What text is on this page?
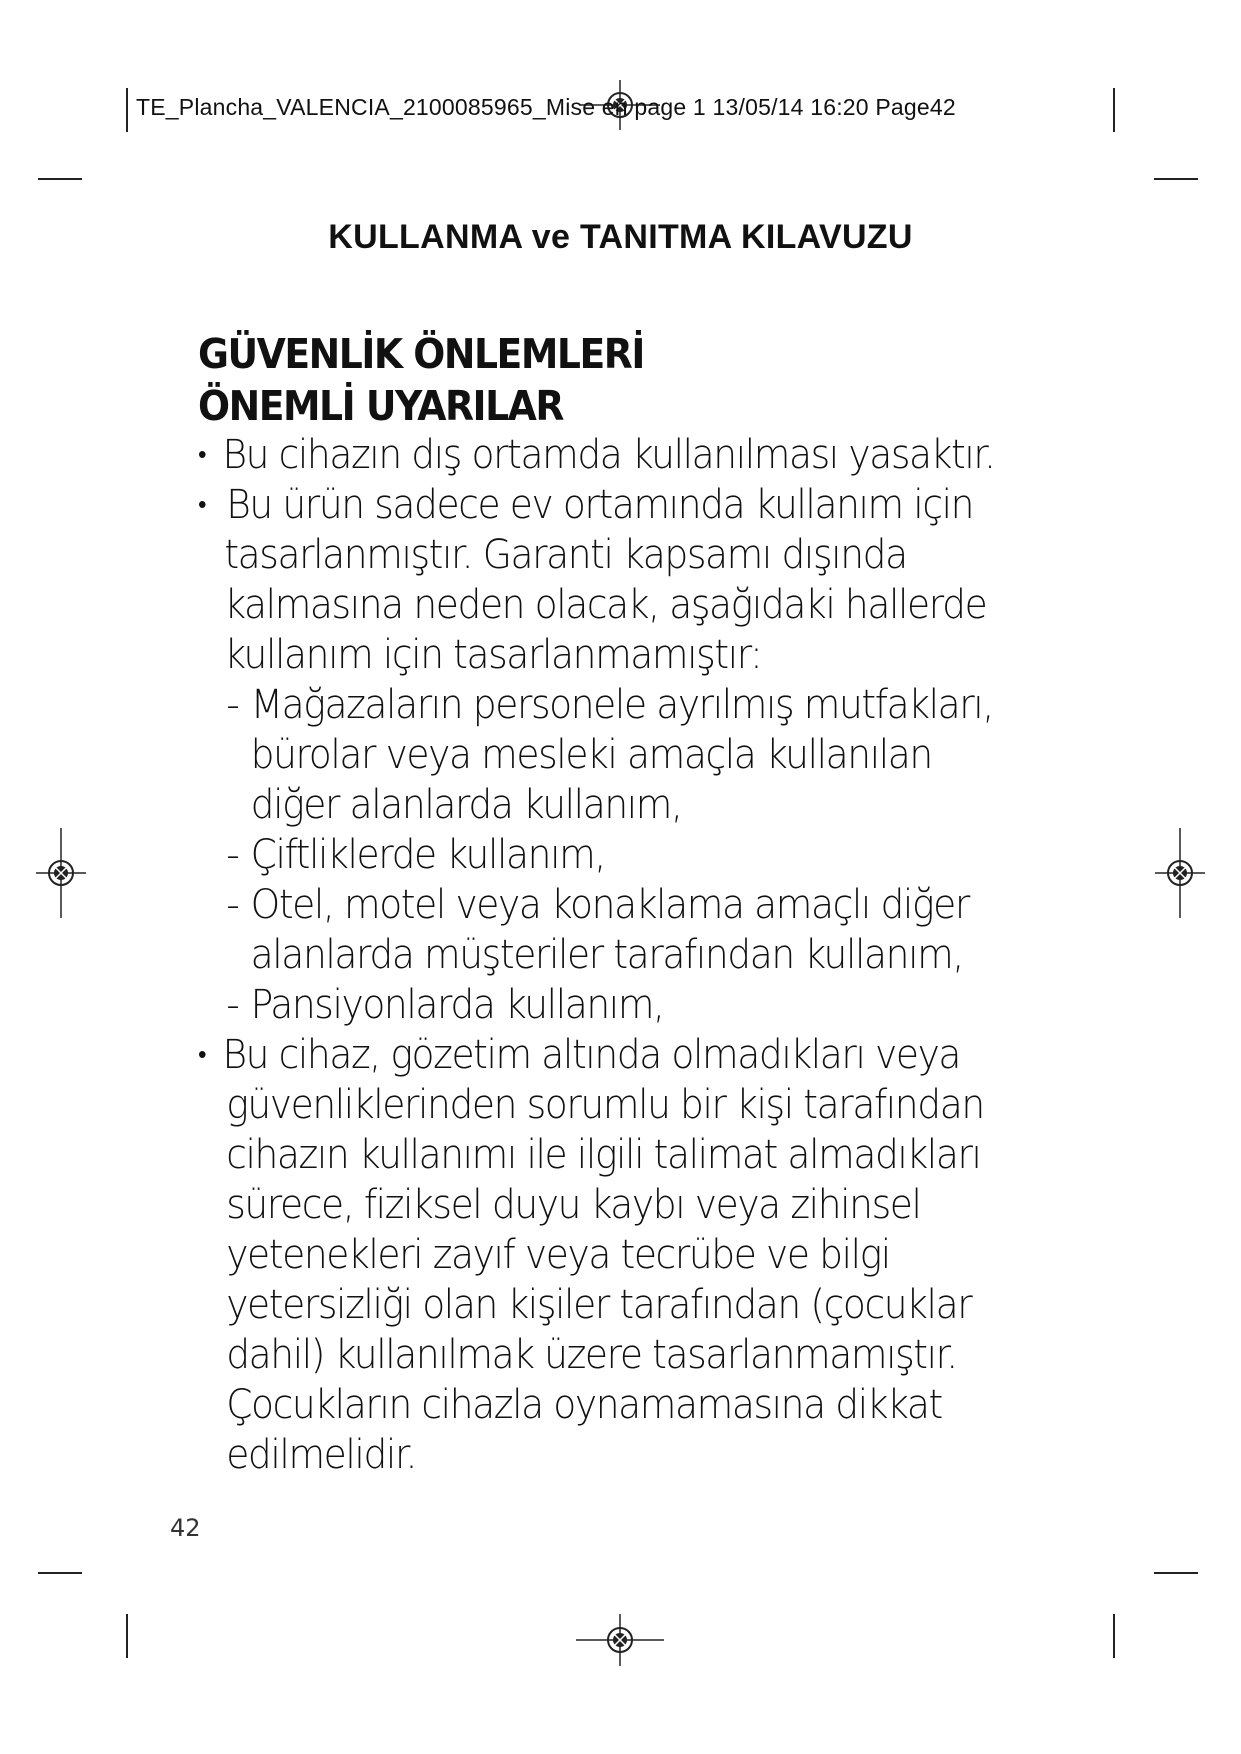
TE_Plancha_VALENCIA_2100085965_Mise en page 1 13/05/14 16:20 Page42
KULLANMA ve TANITMA KILAVUZU
GÜVENLİK ÖNLEMLERİ
ÖNEMLİ UYARILAR
• Bu cihazın dış ortamda kullanılması yasaktır.
• Bu ürün sadece ev ortamında kullanım için
tasarlanmıştır. Garanti kapsamı dışında
kalmasına neden olacak, aşağıdaki hallerde
kullanım için tasarlanmamıştır:
- Mağazaların personele ayrılmış mutfakları,
bürolar veya mesleki amaçla kullanılan
diğer alanlarda kullanım,
- Çiftliklerde kullanım,
- Otel, motel veya konaklama amaçlı diğer
alanlarda müşteriler tarafından kullanım,
- Pansiyonlarda kullanım,
• Bu cihaz, gözetim altında olmadıkları veya
güvenliklerinden sorumlu bir kişi tarafından
cihazın kullanımı ile ilgili talimat almadıkları
sürece, fiziksel duyu kaybı veya zihinsel
yetenekleri zayıf veya tecrübe ve bilgi
yetersizliği olan kişiler tarafından (çocuklar
dahil) kullanılmak üzere tasarlanmamıştır.
Çocukların cihazla oynamamasına dikkat
edilmelidir.
42
